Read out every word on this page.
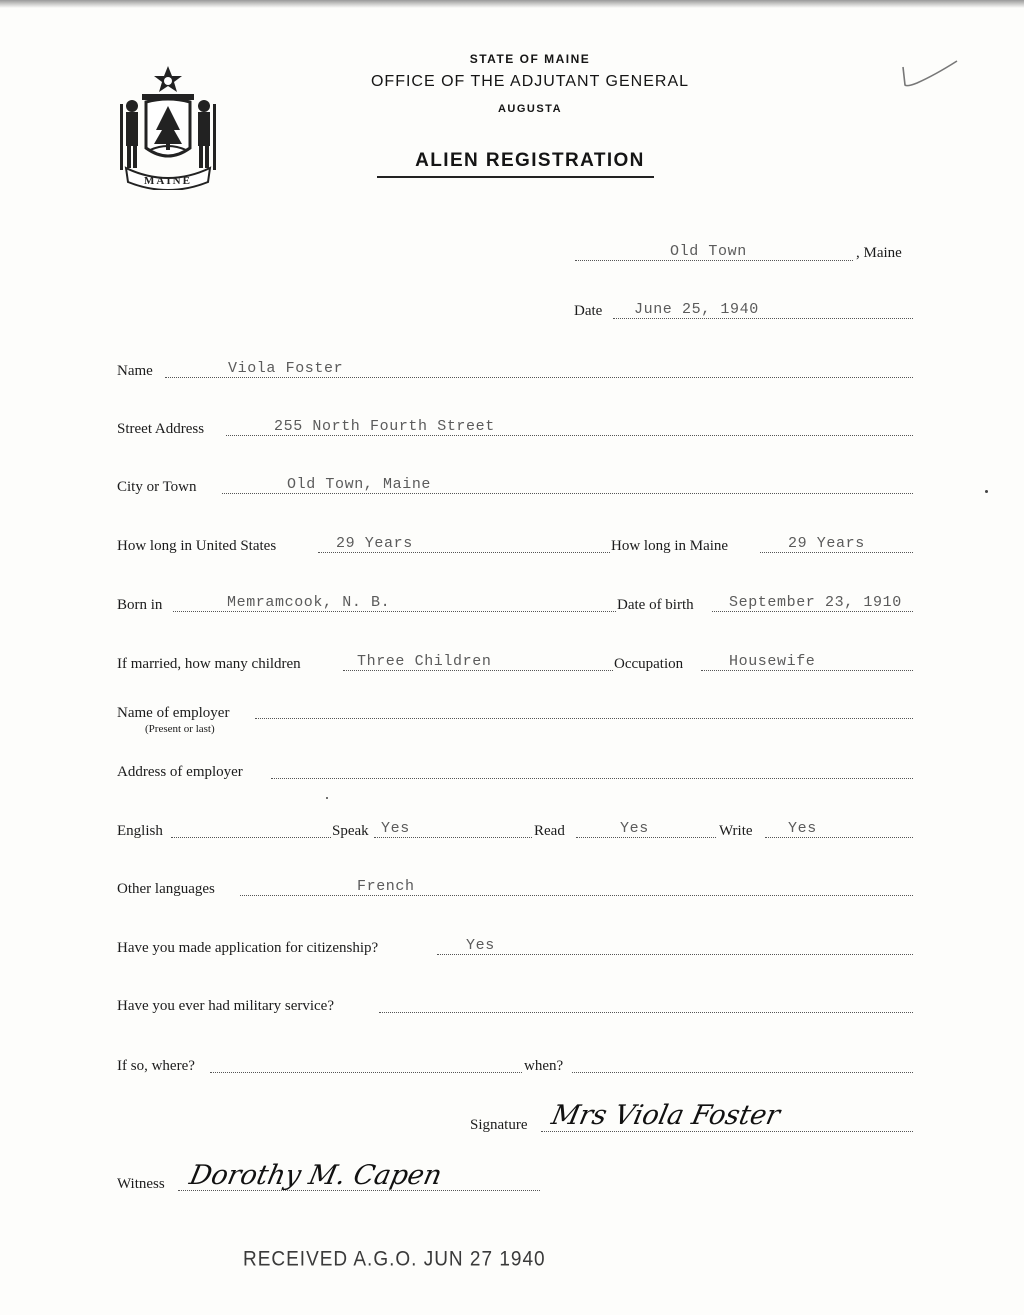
MAINE
STATE OF MAINE
OFFICE OF THE ADJUTANT GENERAL
AUGUSTA
ALIEN REGISTRATION
Old Town	, Maine
Date June 25, 1940
Name	Viola Foster
Street Address	255 North Fourth Street
City or Town	Old Town, Maine
How long in United States	29 Years	How long in Maine	29 Years
Born in	Memramcook, N. B.	Date of birth September 23, 1910
If married, how many children	Three Children	Occupation	Housewife
Name of employer
(Present or last)
Address of employer
English	Speak Yes	Read	Yes	Write Yes
Other languages	French
Have you made application for citizenship?	Yes
Have you ever had military service?
If so, where?	when?
Signature Mrs Viola Foster
Witness Dorothy M. Capen
RECEIVED A.G.O. JUN 27 1940
